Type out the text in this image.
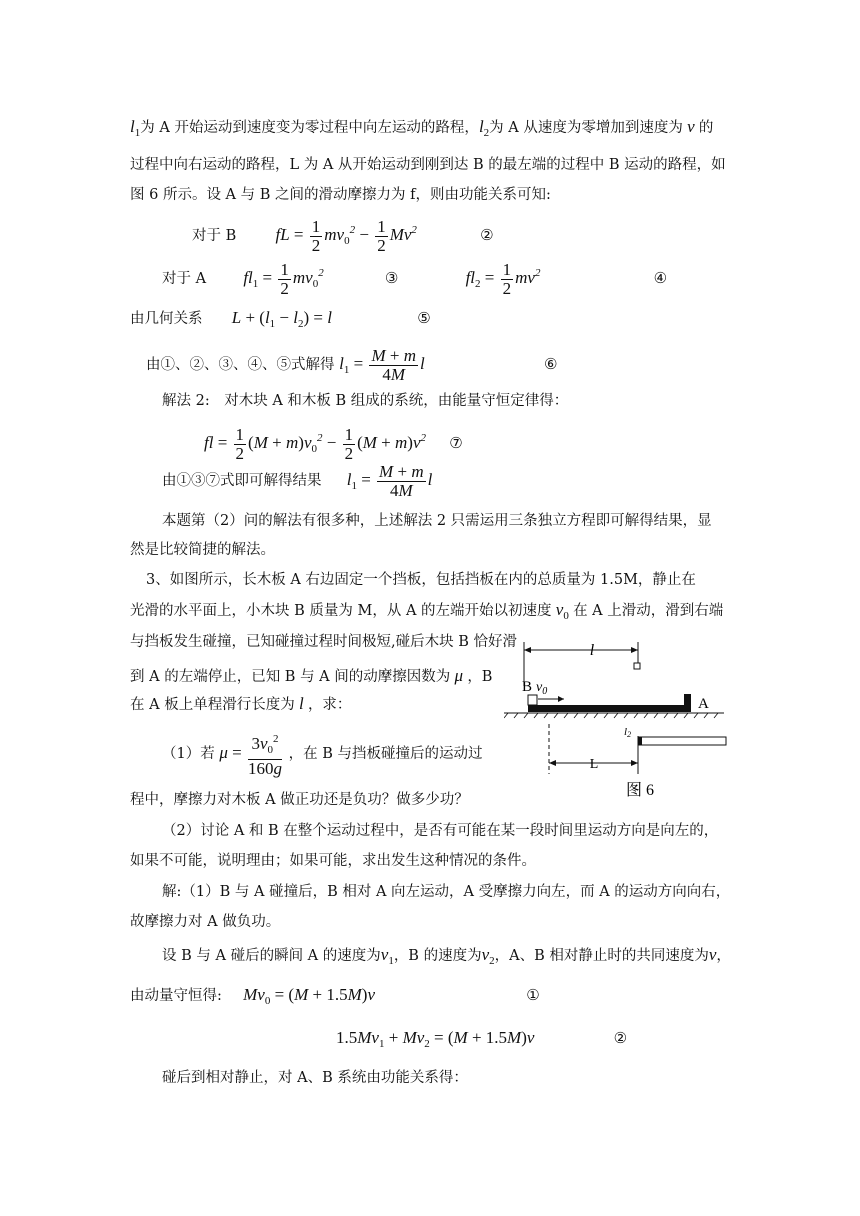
$l_1$为 A 开始运动到速度变为零过程中向左运动的路程，$l_2$为 A 从速度为零增加到速度为 v 的
过程中向右运动的路程，L 为 A 从开始运动到刚到达 B 的最左端的过程中 B 运动的路程，如
图 6 所示。设 A 与 B 之间的滑动摩擦力为 f，则由功能关系可知:
对于 B fL = $\frac{1}{2} mv_0^2 - \frac{1}{2} Mv^2$	②
对于 A $fl_1 = \frac{1}{2} mv_0^2$	③	$fl_2 = \frac{1}{2} mv^2$	④
由几何关系 $L + (l_1 - l_2) = l$	⑤
由①、②、③、④、⑤式解得 $l_1 = \frac{M + m}{4M}$ l	⑥
解法 2:　对木块 A 和木板 B 组成的系统，由能量守恒定律得：
fl = $\frac{1}{2} (M + m)v_0^2 - \frac{1}{2} (M + m)v^2$ ⑦
由①③⑦式即可解得结果 $l_1 = \frac{M + m}{4M}$ l
本题第（2）问的解法有很多种，上述解法 2 只需运用三条独立方程即可解得结果，显
然是比较简捷的解法。
3、如图所示，长木板 A 右边固定一个挡板，包括挡板在内的总质量为 1.5M，静止在
光滑的水平面上，小木块 B 质量为 M，从 A 的左端开始以初速度 $v_0$ 在 A 上滑动，滑到右端
与挡板发生碰撞，已知碰撞过程时间极短,碰后木块 B 恰好滑
到 A 的左端停止，已知 B 与 A 间的动摩擦因数为 μ ，B
在 A 板上单程滑行长度为 l ，求：
（1）若 $\mu = \frac{3v_0^2}{160g}$ ，在 B 与挡板碰撞后的运动过
程中，摩擦力对木板 A 做正功还是负功？做多少功？
（2）讨论 A 和 B 在整个运动过程中，是否有可能在某一段时间里运动方向是向左的，
如果不可能，说明理由；如果可能，求出发生这种情况的条件。
解:（1）B 与 A 碰撞后，B 相对 A 向左运动，A 受摩擦力向左，而 A 的运动方向向右，
故摩擦力对 A 做负功。
设 B 与 A 碰后的瞬间 A 的速度为$v_1$，B 的速度为$v_2$，A、B 相对静止时的共同速度为v，
由动量守恒得: $Mv_0 = (M + 1.5M)v$	①
$1.5Mv_1 + Mv_2 = (M + 1.5M)v$	②
碰后到相对静止，对 A、B 系统由功能关系得：
l
B $v_0$
A
l2
L
图 6
